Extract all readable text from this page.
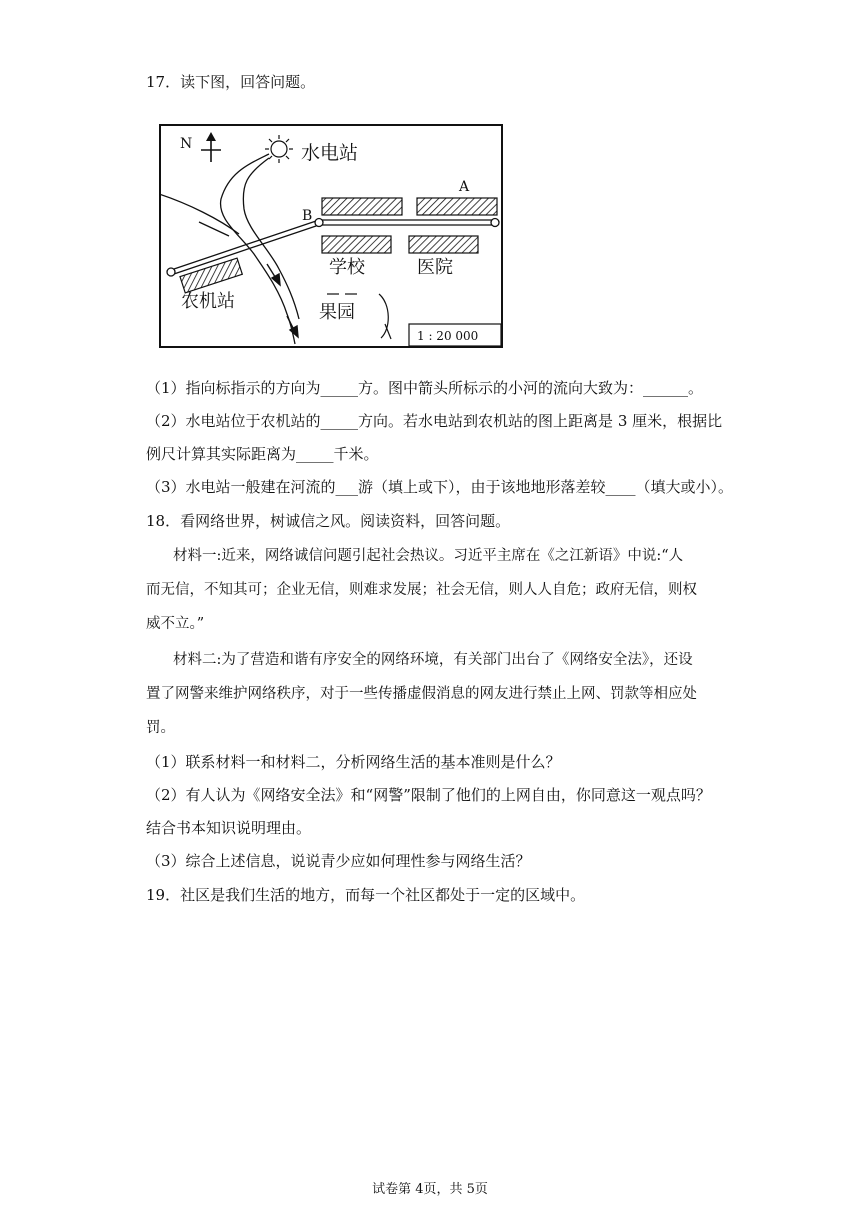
17．读下图，回答问题。
N	水电站
A
B
学校	医院
农机站
果园
1 : 20 000
（1）指向标指示的方向为_____方。图中箭头所标示的小河的流向大致为：______。
（2）水电站位于农机站的_____方向。若水电站到农机站的图上距离是 3 厘米，根据比
例尺计算其实际距离为_____千米。
（3）水电站一般建在河流的___游（填上或下），由于该地地形落差较____（填大或小）。
18．看网络世界，树诚信之风。阅读资料，回答问题。
材料一:近来，网络诚信问题引起社会热议。习近平主席在《之江新语》中说:“人
而无信，不知其可；企业无信，则难求发展；社会无信，则人人自危；政府无信，则权
威不立。”
材料二:为了营造和谐有序安全的网络环境，有关部门出台了《网络安全法》，还设
置了网警来维护网络秩序，对于一些传播虚假消息的网友进行禁止上网、罚款等相应处
罚。
（1）联系材料一和材料二，分析网络生活的基本准则是什么？
（2）有人认为《网络安全法》和“网警”限制了他们的上网自由，你同意这一观点吗？
结合书本知识说明理由。
（3）综合上述信息，说说青少应如何理性参与网络生活？
19．社区是我们生活的地方，而每一个社区都处于一定的区域中。
试卷第 4页，共 5页
